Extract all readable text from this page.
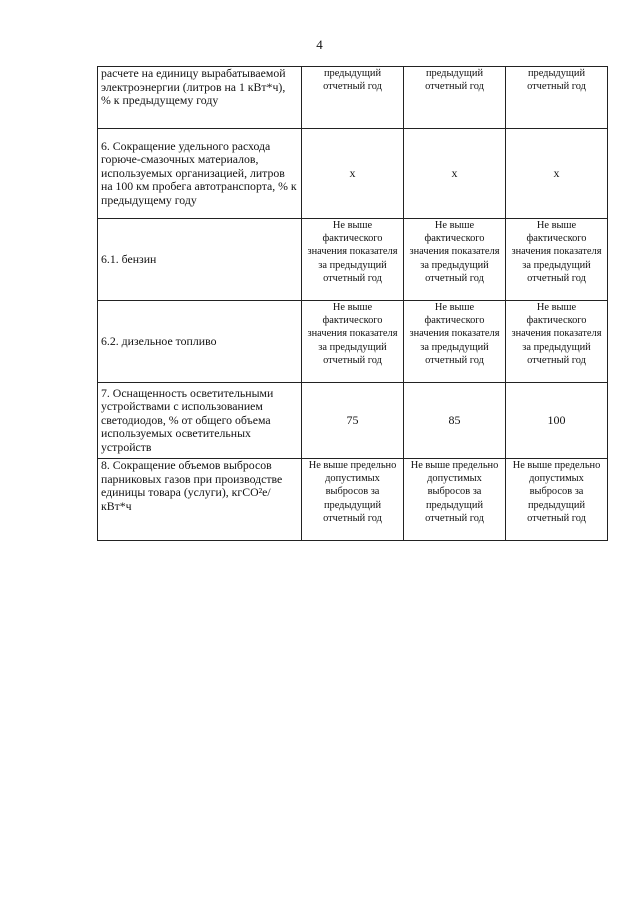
4
расчете на единицу вырабатываемой электроэнергии (литров на 1 кВт*ч), % к предыдущему году	предыдущий отчетный год	предыдущий отчетный год	предыдущий отчетный год
6. Сокращение удельного расхода горюче-смазочных материалов, используемых организацией, литров на 100 км пробега автотранспорта, % к предыдущему году	х	х	х
6.1. бензин	Не выше фактического значения показателя за предыдущий отчетный год	Не выше фактического значения показателя за предыдущий отчетный год	Не выше фактического значения показателя за предыдущий отчетный год
6.2. дизельное топливо	Не выше фактического значения показателя за предыдущий отчетный год	Не выше фактического значения показателя за предыдущий отчетный год	Не выше фактического значения показателя за предыдущий отчетный год
7. Оснащенность осветительными устройствами с использованием светодиодов, % от общего объема используемых осветительных устройств	75	85	100
8. Сокращение объемов выбросов парниковых газов при производстве единицы товара (услуги), кгСО²е/кВт*ч	Не выше предельно допустимых выбросов за предыдущий отчетный год	Не выше предельно допустимых выбросов за предыдущий отчетный год	Не выше предельно допустимых выбросов за предыдущий отчетный год
